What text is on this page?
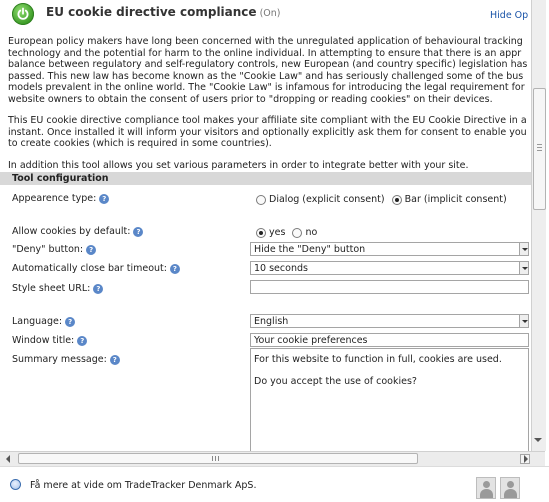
EU cookie directive compliance (On)	Hide Op

European policy makers have long been concerned with the unregulated application of behavioural tracking
technology and the potential for harm to the online individual. In attempting to ensure that there is an appr
balance between regulatory and self-regulatory controls, new European (and country specific) legislation has
passed. This new law has become known as the "Cookie Law" and has seriously challenged some of the bus
models prevalent in the online world. The "Cookie Law" is infamous for introducing the legal requirement for
website owners to obtain the consent of users prior to "dropping or reading cookies" on their devices.

This EU cookie directive compliance tool makes your affiliate site compliant with the EU Cookie Directive in a
instant. Once installed it will inform your visitors and optionally explicitly ask them for consent to enable you
to create cookies (which is required in some countries).

In addition this tool allows you set various parameters in order to integrate better with your site.

Tool configuration
Appearence type: ?	Dialog (explicit consent) Bar (implicit consent)
Allow cookies by default: ?	yes no
"Deny" button: ?	Hide the "Deny" button
Automatically close bar timeout: ?	10 seconds
Style sheet URL: ?
Language: ?	English
Window title: ?	Your cookie preferences
Summary message: ?	For this website to function in full, cookies are used.
Do you accept the use of cookies?
Få mere at vide om TradeTracker Denmark ApS.
